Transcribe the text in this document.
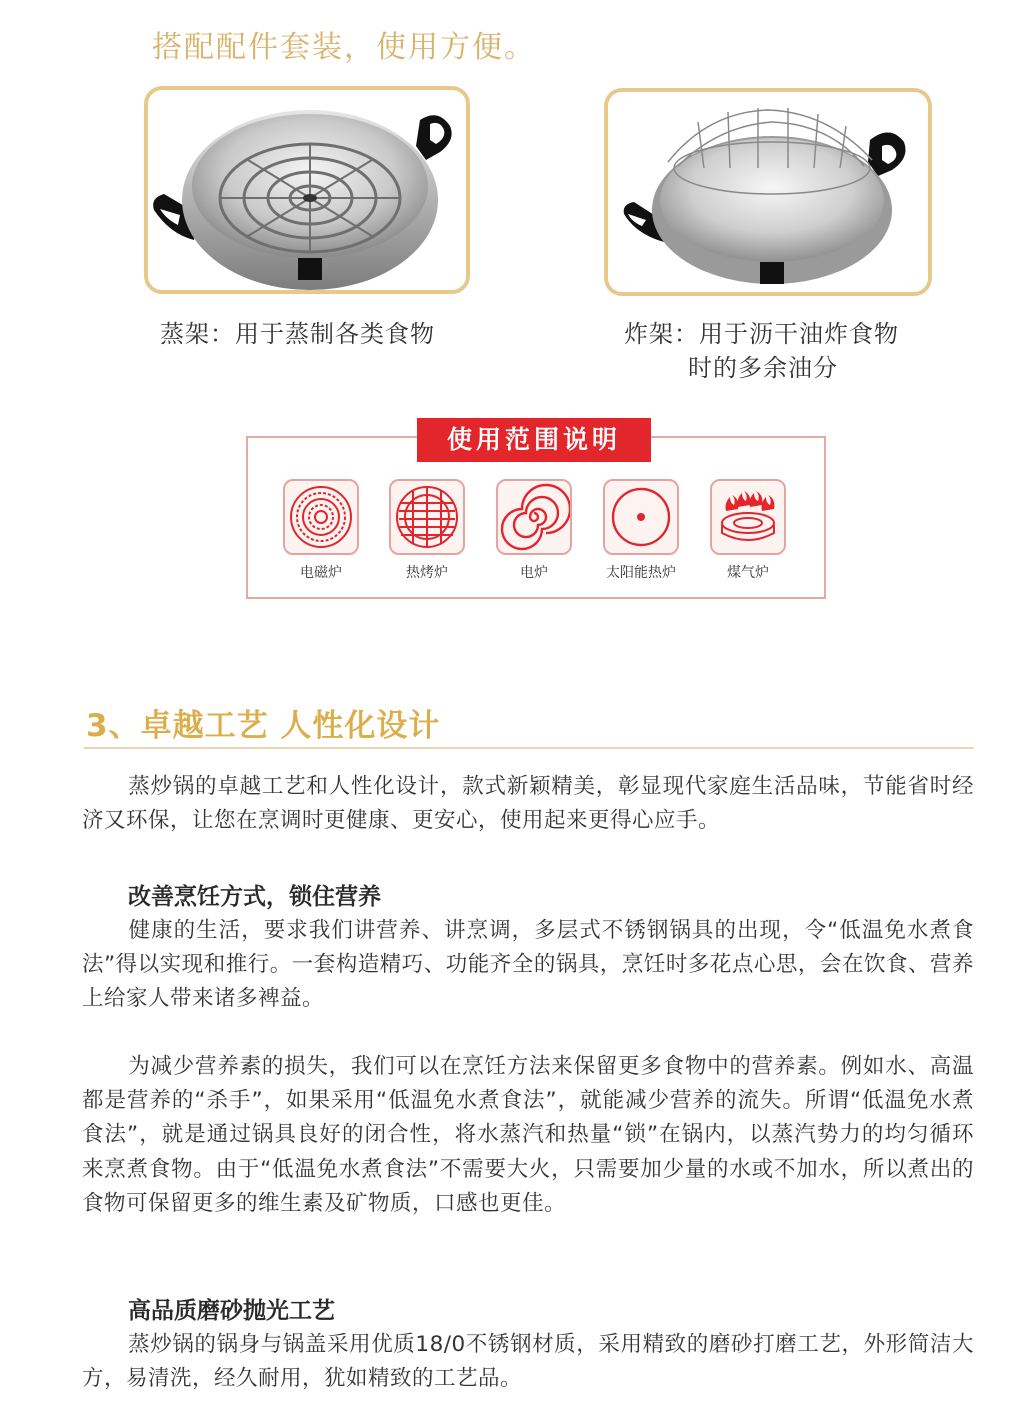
搭配配件套装，使用方便。
蒸架：用于蒸制各类食物	炸架：用于沥干油炸食物
时的多余油分
使用范围说明
电磁炉	热烤炉	电炉	太阳能热炉	煤气炉
3、卓越工艺 人性化设计
蒸炒锅的卓越工艺和人性化设计，款式新颖精美，彰显现代家庭生活品味，节能省时经济又环保，让您在烹调时更健康、更安心，使用起来更得心应手。
改善烹饪方式，锁住营养
健康的生活，要求我们讲营养、讲烹调，多层式不锈钢锅具的出现，令“低温免水煮食法”得以实现和推行。一套构造精巧、功能齐全的锅具，烹饪时多花点心思，会在饮食、营养上给家人带来诸多裨益。
为减少营养素的损失，我们可以在烹饪方法来保留更多食物中的营养素。例如水、高温都是营养的“杀手”，如果采用“低温免水煮食法”，就能减少营养的流失。所谓“低温免水煮食法”，就是通过锅具良好的闭合性，将水蒸汽和热量“锁”在锅内，以蒸汽势力的均匀循环来烹煮食物。由于“低温免水煮食法”不需要大火，只需要加少量的水或不加水，所以煮出的食物可保留更多的维生素及矿物质，口感也更佳。
高品质磨砂抛光工艺
蒸炒锅的锅身与锅盖采用优质18/0不锈钢材质，采用精致的磨砂打磨工艺，外形简洁大方，易清洗，经久耐用，犹如精致的工艺品。
